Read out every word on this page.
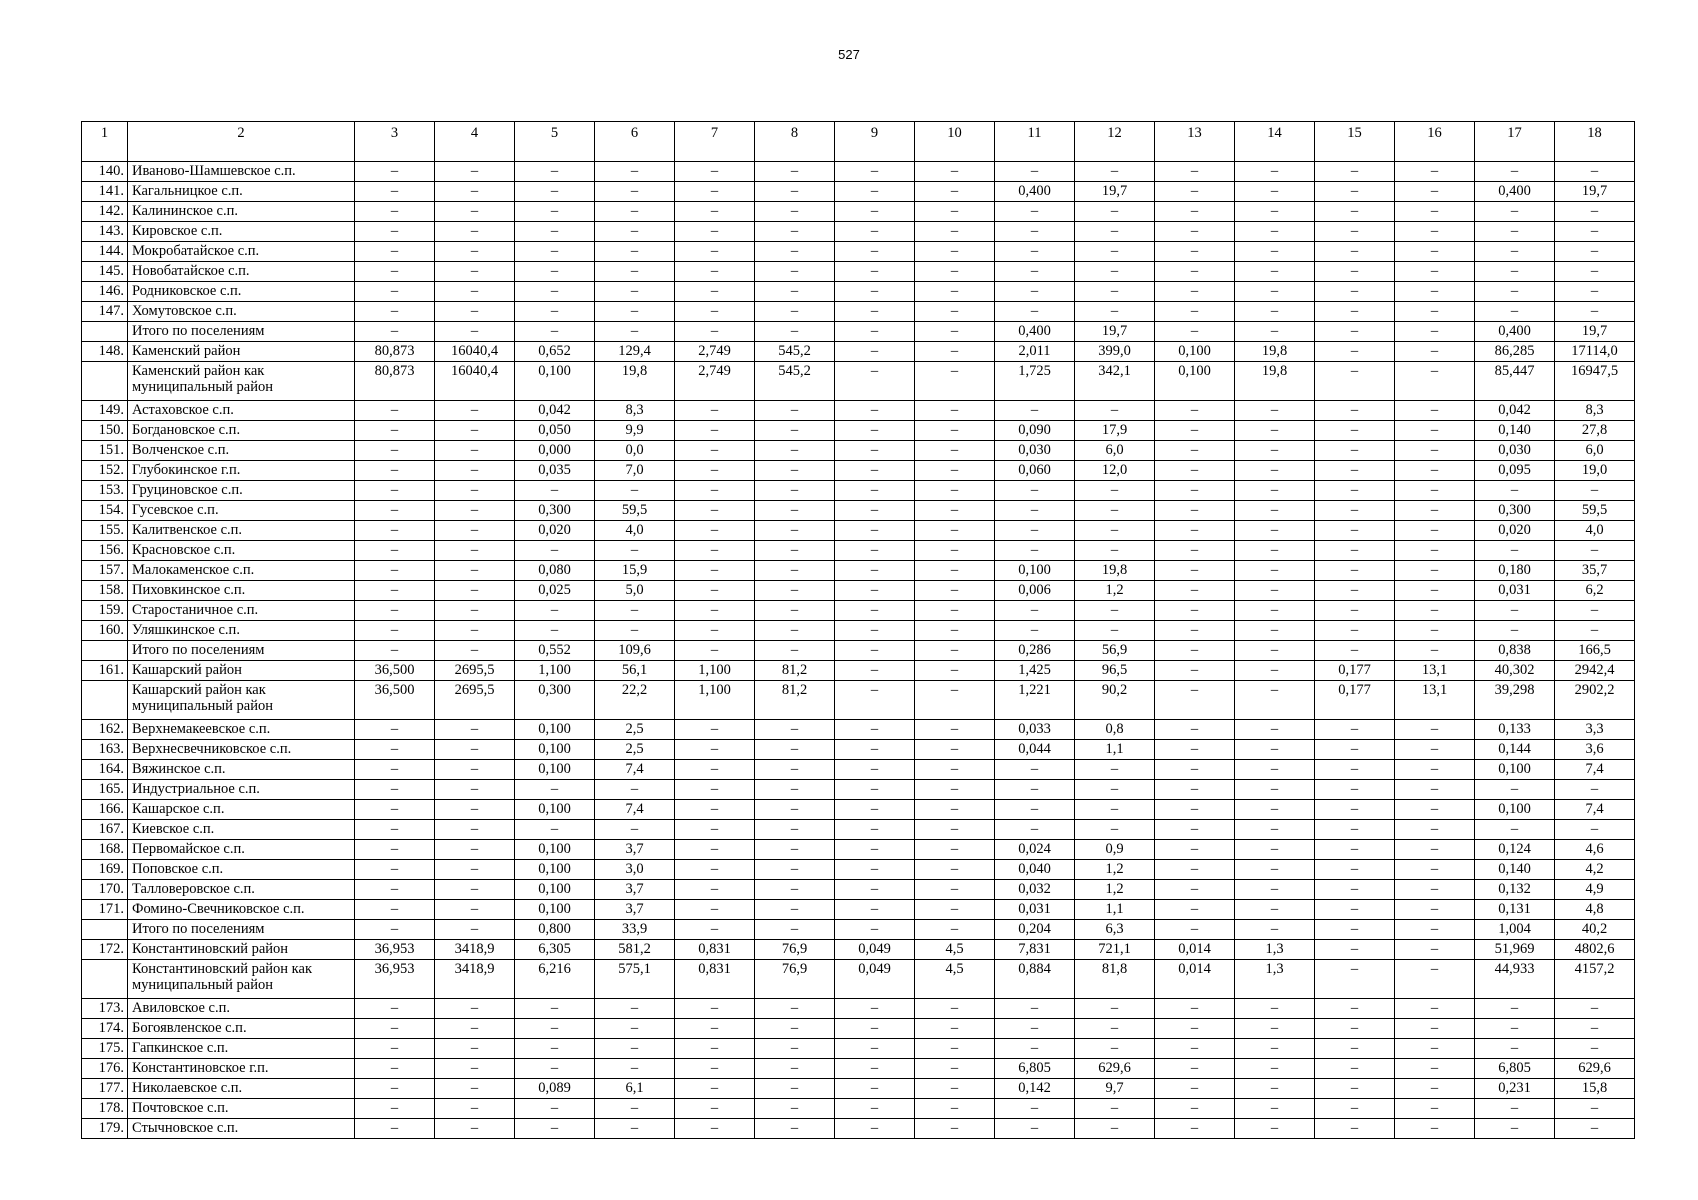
527
1	2	3	4	5	6	7	8	9	10	11	12	13	14	15	16	17	18
140.	Иваново-Шамшевское с.п.	–	–	–	–	–	–	–	–	–	–	–	–	–	–	–	–
141.	Кагальницкое с.п.	–	–	–	–	–	–	–	–	0,400	19,7	–	–	–	–	0,400	19,7
142.	Калининское с.п.	–	–	–	–	–	–	–	–	–	–	–	–	–	–	–	–
143.	Кировское с.п.	–	–	–	–	–	–	–	–	–	–	–	–	–	–	–	–
144.	Мокробатайское с.п.	–	–	–	–	–	–	–	–	–	–	–	–	–	–	–	–
145.	Новобатайское с.п.	–	–	–	–	–	–	–	–	–	–	–	–	–	–	–	–
146.	Родниковское с.п.	–	–	–	–	–	–	–	–	–	–	–	–	–	–	–	–
147.	Хомутовское с.п.	–	–	–	–	–	–	–	–	–	–	–	–	–	–	–	–
	Итого по поселениям	–	–	–	–	–	–	–	–	0,400	19,7	–	–	–	–	0,400	19,7
148.	Каменский район	80,873	16040,4	0,652	129,4	2,749	545,2	–	–	2,011	399,0	0,100	19,8	–	–	86,285	17114,0
	Каменский район как муниципальный район	80,873	16040,4	0,100	19,8	2,749	545,2	–	–	1,725	342,1	0,100	19,8	–	–	85,447	16947,5
149.	Астаховское с.п.	–	–	0,042	8,3	–	–	–	–	–	–	–	–	–	–	0,042	8,3
150.	Богдановское с.п.	–	–	0,050	9,9	–	–	–	–	0,090	17,9	–	–	–	–	0,140	27,8
151.	Волченское с.п.	–	–	0,000	0,0	–	–	–	–	0,030	6,0	–	–	–	–	0,030	6,0
152.	Глубокинское г.п.	–	–	0,035	7,0	–	–	–	–	0,060	12,0	–	–	–	–	0,095	19,0
153.	Груциновское с.п.	–	–	–	–	–	–	–	–	–	–	–	–	–	–	–	–
154.	Гусевское с.п.	–	–	0,300	59,5	–	–	–	–	–	–	–	–	–	–	0,300	59,5
155.	Калитвенское с.п.	–	–	0,020	4,0	–	–	–	–	–	–	–	–	–	–	0,020	4,0
156.	Красновское с.п.	–	–	–	–	–	–	–	–	–	–	–	–	–	–	–	–
157.	Малокаменское с.п.	–	–	0,080	15,9	–	–	–	–	0,100	19,8	–	–	–	–	0,180	35,7
158.	Пиховкинское с.п.	–	–	0,025	5,0	–	–	–	–	0,006	1,2	–	–	–	–	0,031	6,2
159.	Старостаничное с.п.	–	–	–	–	–	–	–	–	–	–	–	–	–	–	–	–
160.	Уляшкинское с.п.	–	–	–	–	–	–	–	–	–	–	–	–	–	–	–	–
	Итого по поселениям	–	–	0,552	109,6	–	–	–	–	0,286	56,9	–	–	–	–	0,838	166,5
161.	Кашарский район	36,500	2695,5	1,100	56,1	1,100	81,2	–	–	1,425	96,5	–	–	0,177	13,1	40,302	2942,4
	Кашарский район как муниципальный район	36,500	2695,5	0,300	22,2	1,100	81,2	–	–	1,221	90,2	–	–	0,177	13,1	39,298	2902,2
162.	Верхнемакеевское с.п.	–	–	0,100	2,5	–	–	–	–	0,033	0,8	–	–	–	–	0,133	3,3
163.	Верхнесвечниковское с.п.	–	–	0,100	2,5	–	–	–	–	0,044	1,1	–	–	–	–	0,144	3,6
164.	Вяжинское с.п.	–	–	0,100	7,4	–	–	–	–	–	–	–	–	–	–	0,100	7,4
165.	Индустриальное с.п.	–	–	–	–	–	–	–	–	–	–	–	–	–	–	–	–
166.	Кашарское с.п.	–	–	0,100	7,4	–	–	–	–	–	–	–	–	–	–	0,100	7,4
167.	Киевское с.п.	–	–	–	–	–	–	–	–	–	–	–	–	–	–	–	–
168.	Первомайское с.п.	–	–	0,100	3,7	–	–	–	–	0,024	0,9	–	–	–	–	0,124	4,6
169.	Поповское с.п.	–	–	0,100	3,0	–	–	–	–	0,040	1,2	–	–	–	–	0,140	4,2
170.	Талловеровское с.п.	–	–	0,100	3,7	–	–	–	–	0,032	1,2	–	–	–	–	0,132	4,9
171.	Фомино-Свечниковское с.п.	–	–	0,100	3,7	–	–	–	–	0,031	1,1	–	–	–	–	0,131	4,8
	Итого по поселениям	–	–	0,800	33,9	–	–	–	–	0,204	6,3	–	–	–	–	1,004	40,2
172.	Константиновский район	36,953	3418,9	6,305	581,2	0,831	76,9	0,049	4,5	7,831	721,1	0,014	1,3	–	–	51,969	4802,6
	Константиновский район как муниципальный район	36,953	3418,9	6,216	575,1	0,831	76,9	0,049	4,5	0,884	81,8	0,014	1,3	–	–	44,933	4157,2
173.	Авиловское с.п.	–	–	–	–	–	–	–	–	–	–	–	–	–	–	–	–
174.	Богоявленское с.п.	–	–	–	–	–	–	–	–	–	–	–	–	–	–	–	–
175.	Гапкинское с.п.	–	–	–	–	–	–	–	–	–	–	–	–	–	–	–	–
176.	Константиновское г.п.	–	–	–	–	–	–	–	–	6,805	629,6	–	–	–	–	6,805	629,6
177.	Николаевское с.п.	–	–	0,089	6,1	–	–	–	–	0,142	9,7	–	–	–	–	0,231	15,8
178.	Почтовское с.п.	–	–	–	–	–	–	–	–	–	–	–	–	–	–	–	–
179.	Стычновское с.п.	–	–	–	–	–	–	–	–	–	–	–	–	–	–	–	–
